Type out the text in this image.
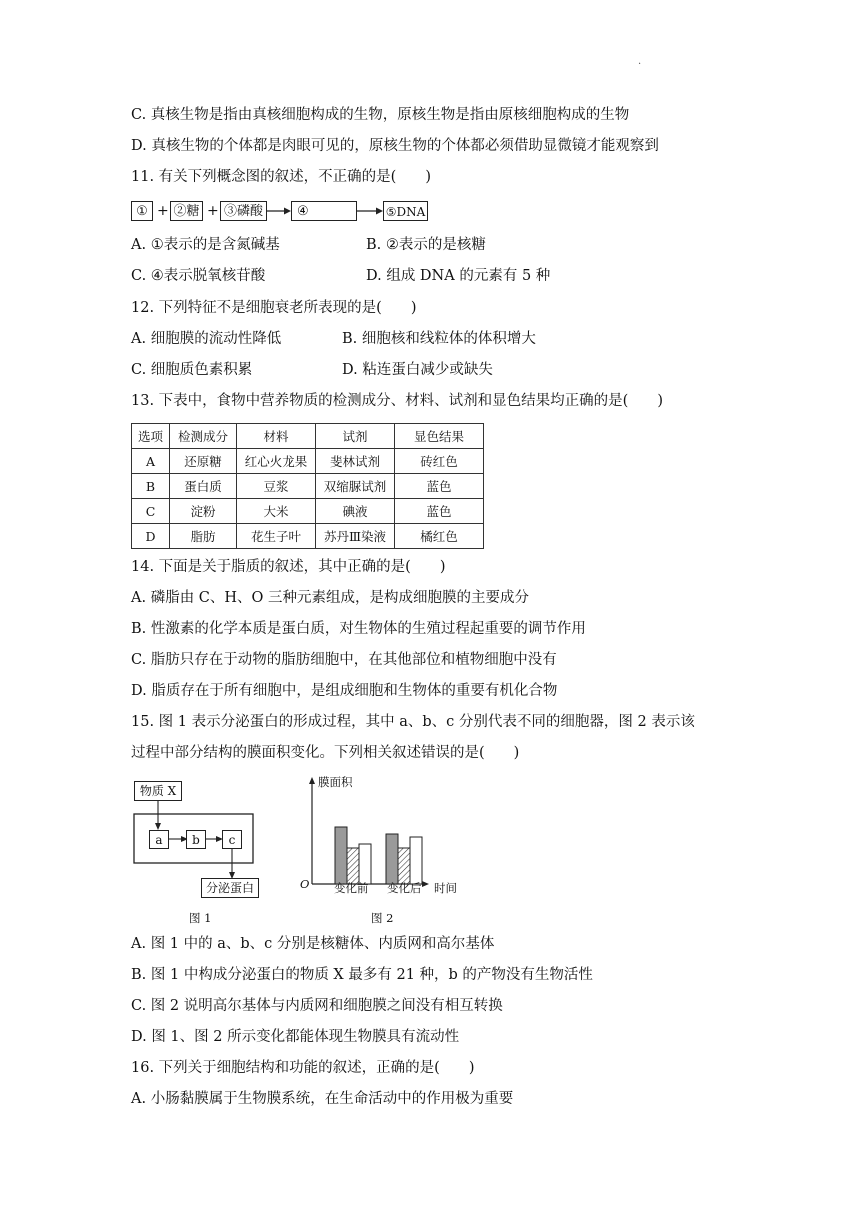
.
C. 真核生物是指由真核细胞构成的生物，原核生物是指由原核细胞构成的生物
D. 真核生物的个体都是肉眼可见的，原核生物的个体都必须借助显微镜才能观察到
11. 有关下列概念图的叙述，不正确的是(　　)
① + ②糖 + ③磷酸	④	⑤DNA
A. ①表示的是含氮碱基	B. ②表示的是核糖
C. ④表示脱氧核苷酸	D. 组成 DNA 的元素有 5 种
12. 下列特征不是细胞衰老所表现的是(　　)
A. 细胞膜的流动性降低	B. 细胞核和线粒体的体积增大
C. 细胞质色素积累	D. 粘连蛋白减少或缺失
13. 下表中，食物中营养物质的检测成分、材料、试剂和显色结果均正确的是(　　)
选项	检测成分	材料	试剂	显色结果
A	还原糖	红心火龙果	斐林试剂	砖红色
B	蛋白质	豆浆	双缩脲试剂	蓝色
C	淀粉	大米	碘液	蓝色
D	脂肪	花生子叶	苏丹Ⅲ染液	橘红色
14. 下面是关于脂质的叙述，其中正确的是(　　)
A. 磷脂由 C、H、O 三种元素组成，是构成细胞膜的主要成分
B. 性激素的化学本质是蛋白质，对生物体的生殖过程起重要的调节作用
C. 脂肪只存在于动物的脂肪细胞中，在其他部位和植物细胞中没有
D. 脂质存在于所有细胞中，是组成细胞和生物体的重要有机化合物
15. 图 1 表示分泌蛋白的形成过程，其中 a、b、c 分别代表不同的细胞器，图 2 表示该
过程中部分结构的膜面积变化。下列相关叙述错误的是(　　)
物质 X
a	b	c
分泌蛋白
图 1
膜面积
O 变化前 变化后 时间
图 2
A. 图 1 中的 a、b、c 分别是核糖体、内质网和高尔基体
B. 图 1 中构成分泌蛋白的物质 X 最多有 21 种，b 的产物没有生物活性
C. 图 2 说明高尔基体与内质网和细胞膜之间没有相互转换
D. 图 1、图 2 所示变化都能体现生物膜具有流动性
16. 下列关于细胞结构和功能的叙述，正确的是(　　)
A. 小肠黏膜属于生物膜系统，在生命活动中的作用极为重要
